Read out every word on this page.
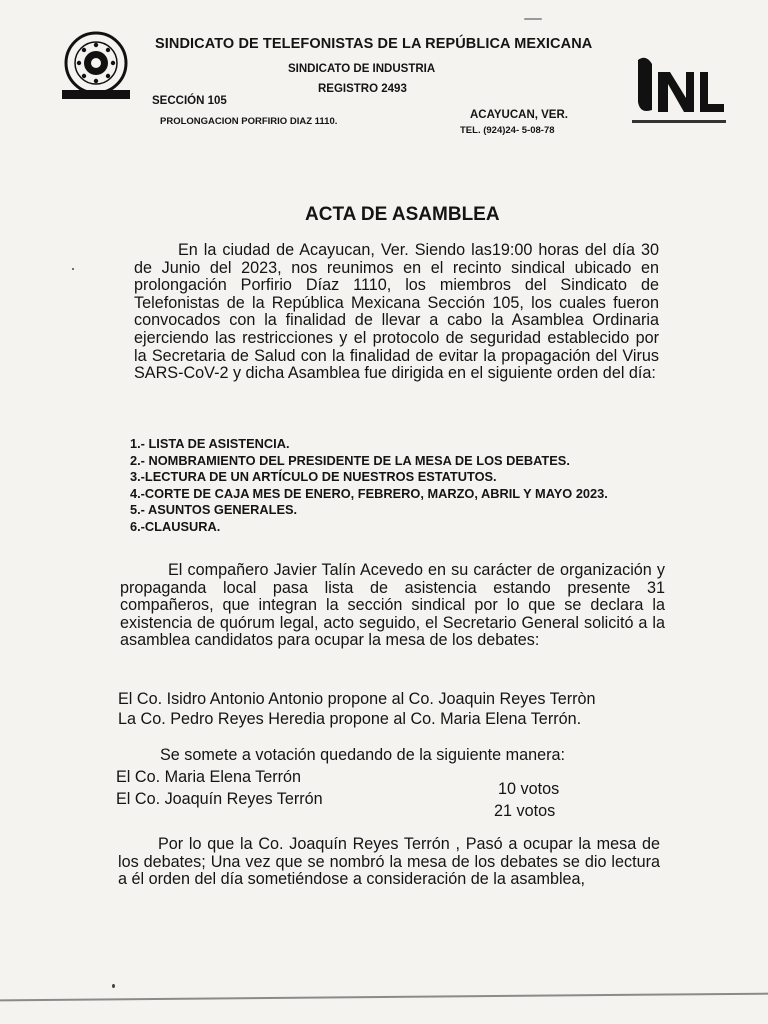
SINDICATO DE TELEFONISTAS DE LA REPÚBLICA MEXICANA
SINDICATO DE INDUSTRIA
REGISTRO 2493
SECCIÓN 105
PROLONGACION PORFIRIO DIAZ 1110.
ACAYUCAN, VER.
TEL. (924)24- 5-08-78
ACTA DE ASAMBLEA
En la ciudad de Acayucan, Ver. Siendo las19:00 horas del día 30 de Junio del 2023, nos reunimos en el recinto sindical ubicado en prolongación Porfirio Díaz 1110, los miembros del Sindicato de Telefonistas de la República Mexicana Sección 105, los cuales fueron convocados con la finalidad de llevar a cabo la Asamblea Ordinaria ejerciendo las restricciones y el protocolo de seguridad establecido por la Secretaria de Salud con la finalidad de evitar la propagación del Virus SARS-CoV-2 y dicha Asamblea fue dirigida en el siguiente orden del día:
1.- LISTA DE ASISTENCIA.
2.- NOMBRAMIENTO DEL PRESIDENTE DE LA MESA DE LOS DEBATES.
3.-LECTURA DE UN ARTÍCULO DE NUESTROS ESTATUTOS.
4.-CORTE DE CAJA MES DE ENERO, FEBRERO, MARZO, ABRIL Y MAYO 2023.
5.- ASUNTOS GENERALES.
6.-CLAUSURA.
El compañero Javier Talín Acevedo en su carácter de organización y propaganda local pasa lista de asistencia estando presente 31 compañeros, que integran la sección sindical por lo que se declara la existencia de quórum legal, acto seguido, el Secretario General solicitó a la asamblea candidatos para ocupar la mesa de los debates:
El Co. Isidro Antonio Antonio propone al Co. Joaquin Reyes Terròn
La Co. Pedro Reyes Heredia propone al Co. Maria Elena Terrón.
Se somete a votación quedando de la siguiente manera:
El Co. Maria Elena Terrón
10 votos
El Co. Joaquín Reyes Terrón
21 votos
Por lo que la Co. Joaquín Reyes Terrón , Pasó a ocupar la mesa de los debates; Una vez que se nombró la mesa de los debates se dio lectura a él orden del día sometiéndose a consideración de la asamblea,
